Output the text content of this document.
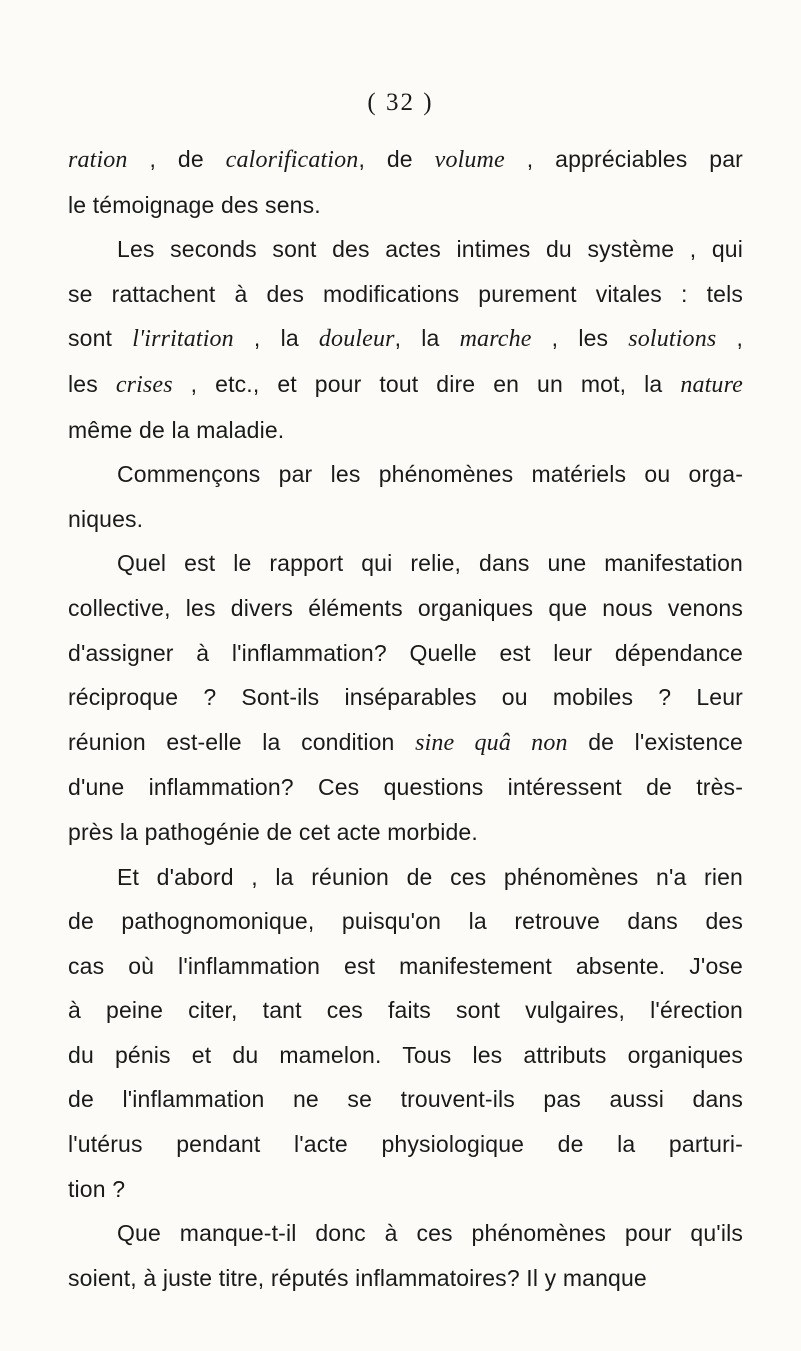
( 32 )
ration , de calorification, de volume , appréciables par
le témoignage des sens.
Les seconds sont des actes intimes du système , qui
se rattachent à des modifications purement vitales : tels
sont l'irritation , la douleur, la marche , les solutions ,
les crises , etc., et pour tout dire en un mot, la nature
même de la maladie.
Commençons par les phénomènes matériels ou orga-
niques.
Quel est le rapport qui relie, dans une manifestation
collective, les divers éléments organiques que nous venons
d'assigner à l'inflammation? Quelle est leur dépendance
réciproque ? Sont-ils inséparables ou mobiles ? Leur
réunion est-elle la condition sine quâ non de l'existence
d'une inflammation? Ces questions intéressent de très-
près la pathogénie de cet acte morbide.
Et d'abord , la réunion de ces phénomènes n'a rien
de pathognomonique, puisqu'on la retrouve dans des
cas où l'inflammation est manifestement absente. J'ose
à peine citer, tant ces faits sont vulgaires, l'érection
du pénis et du mamelon. Tous les attributs organiques
de l'inflammation ne se trouvent-ils pas aussi dans
l'utérus pendant l'acte physiologique de la parturi-
tion ?
Que manque-t-il donc à ces phénomènes pour qu'ils
soient, à juste titre, réputés inflammatoires? Il y manque
